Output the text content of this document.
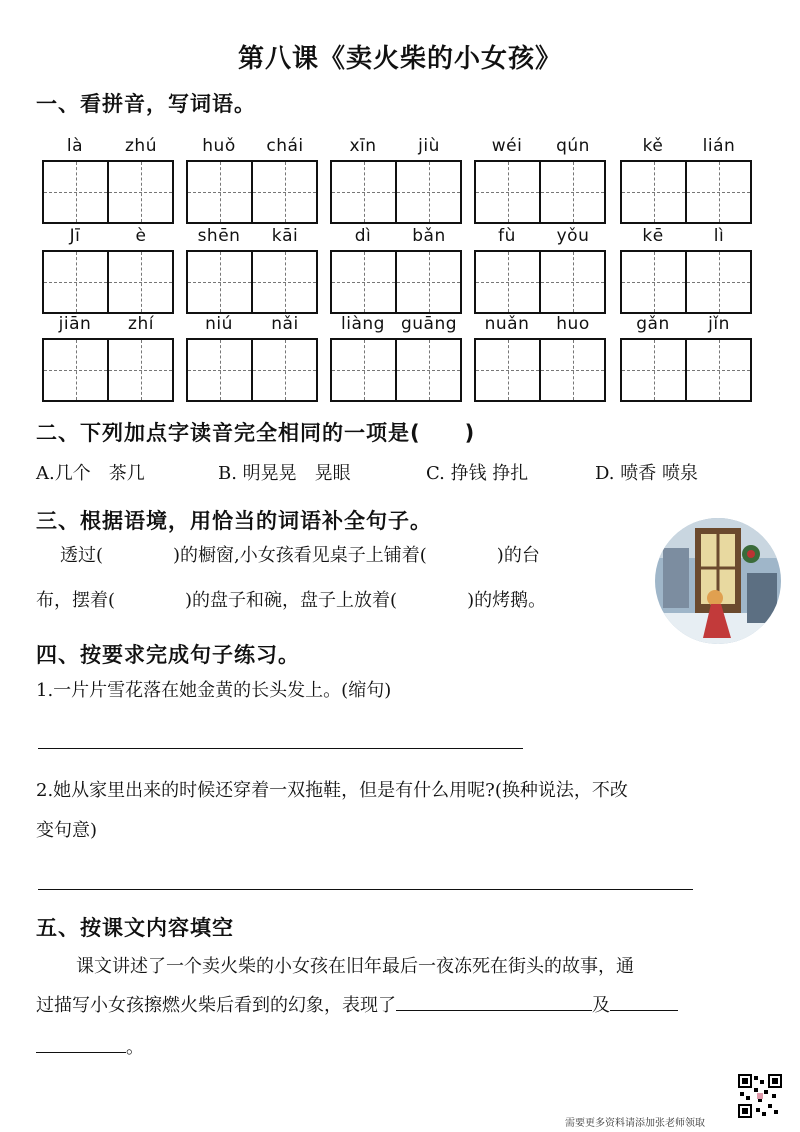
第八课《卖火柴的小女孩》
一、看拼音，写词语。
là	zhú	huǒ	chái	xīn	jiù	wéi	qún	kě	lián
Jī	è	shēn	kāi	dì	bǎn	fù	yǒu	kē	lì
jiān	zhí	niú	nǎi	liàng guāng	nuǎn	huo	gǎn	jǐn
二、下列加点字读音完全相同的一项是(　　)
A.几个　茶几	B. 明晃晃　晃眼	C. 挣钱 挣扎	D. 喷香 喷泉
三、根据语境，用恰当的词语补全句子。
透过(	)的橱窗,小女孩看见桌子上铺着(	)的台
布，摆着(	)的盘子和碗，盘子上放着(	)的烤鹅。
四、按要求完成句子练习。
1.一片片雪花落在她金黄的长头发上。(缩句)
2.她从家里出来的时候还穿着一双拖鞋，但是有什么用呢?(换种说法，不改
变句意)
五、按课文内容填空
课文讲述了一个卖火柴的小女孩在旧年最后一夜冻死在街头的故事，通
过描写小女孩擦燃火柴后看到的幻象，表现了	及
。
需要更多资料请添加张老师领取
